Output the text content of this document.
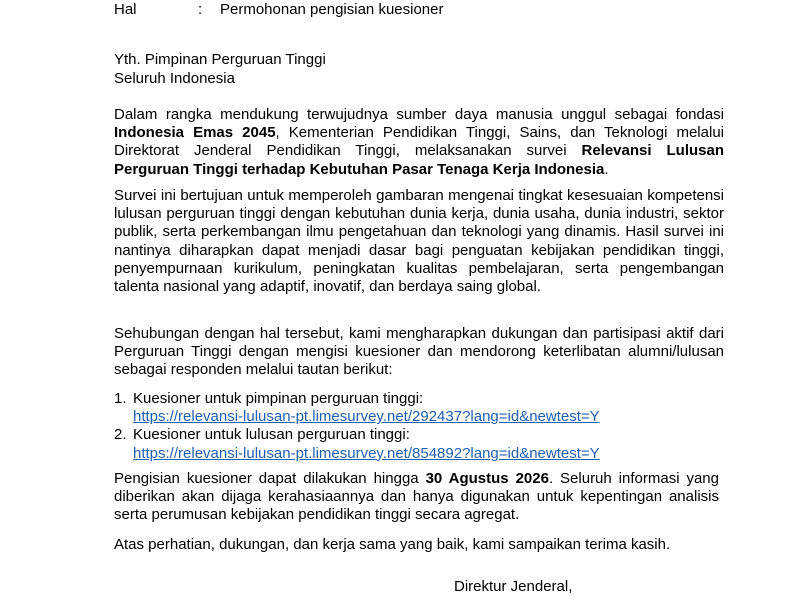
Hal	: Permohonan pengisian kuesioner
Yth. Pimpinan Perguruan Tinggi
Seluruh Indonesia

Dalam rangka mendukung terwujudnya sumber daya manusia unggul sebagai fondasi Indonesia Emas 2045, Kementerian Pendidikan Tinggi, Sains, dan Teknologi melalui Direktorat Jenderal Pendidikan Tinggi, melaksanakan survei Relevansi Lulusan Perguruan Tinggi terhadap Kebutuhan Pasar Tenaga Kerja Indonesia.

Survei ini bertujuan untuk memperoleh gambaran mengenai tingkat kesesuaian kompetensi lulusan perguruan tinggi dengan kebutuhan dunia kerja, dunia usaha, dunia industri, sektor publik, serta perkembangan ilmu pengetahuan dan teknologi yang dinamis. Hasil survei ini nantinya diharapkan dapat menjadi dasar bagi penguatan kebijakan pendidikan tinggi, penyempurnaan kurikulum, peningkatan kualitas pembelajaran, serta pengembangan talenta nasional yang adaptif, inovatif, dan berdaya saing global.

Sehubungan dengan hal tersebut, kami mengharapkan dukungan dan partisipasi aktif dari Perguruan Tinggi dengan mengisi kuesioner dan mendorong keterlibatan alumni/lulusan sebagai responden melalui tautan berikut:

1. Kuesioner untuk pimpinan perguruan tinggi:
https://relevansi-lulusan-pt.limesurvey.net/292437?lang=id&newtest=Y
2. Kuesioner untuk lulusan perguruan tinggi:
https://relevansi-lulusan-pt.limesurvey.net/854892?lang=id&newtest=Y

Pengisian kuesioner dapat dilakukan hingga 30 Agustus 2026. Seluruh informasi yang diberikan akan dijaga kerahasiaannya dan hanya digunakan untuk kepentingan analisis serta perumusan kebijakan pendidikan tinggi secara agregat.

Atas perhatian, dukungan, dan kerja sama yang baik, kami sampaikan terima kasih.

Direktur Jenderal,
